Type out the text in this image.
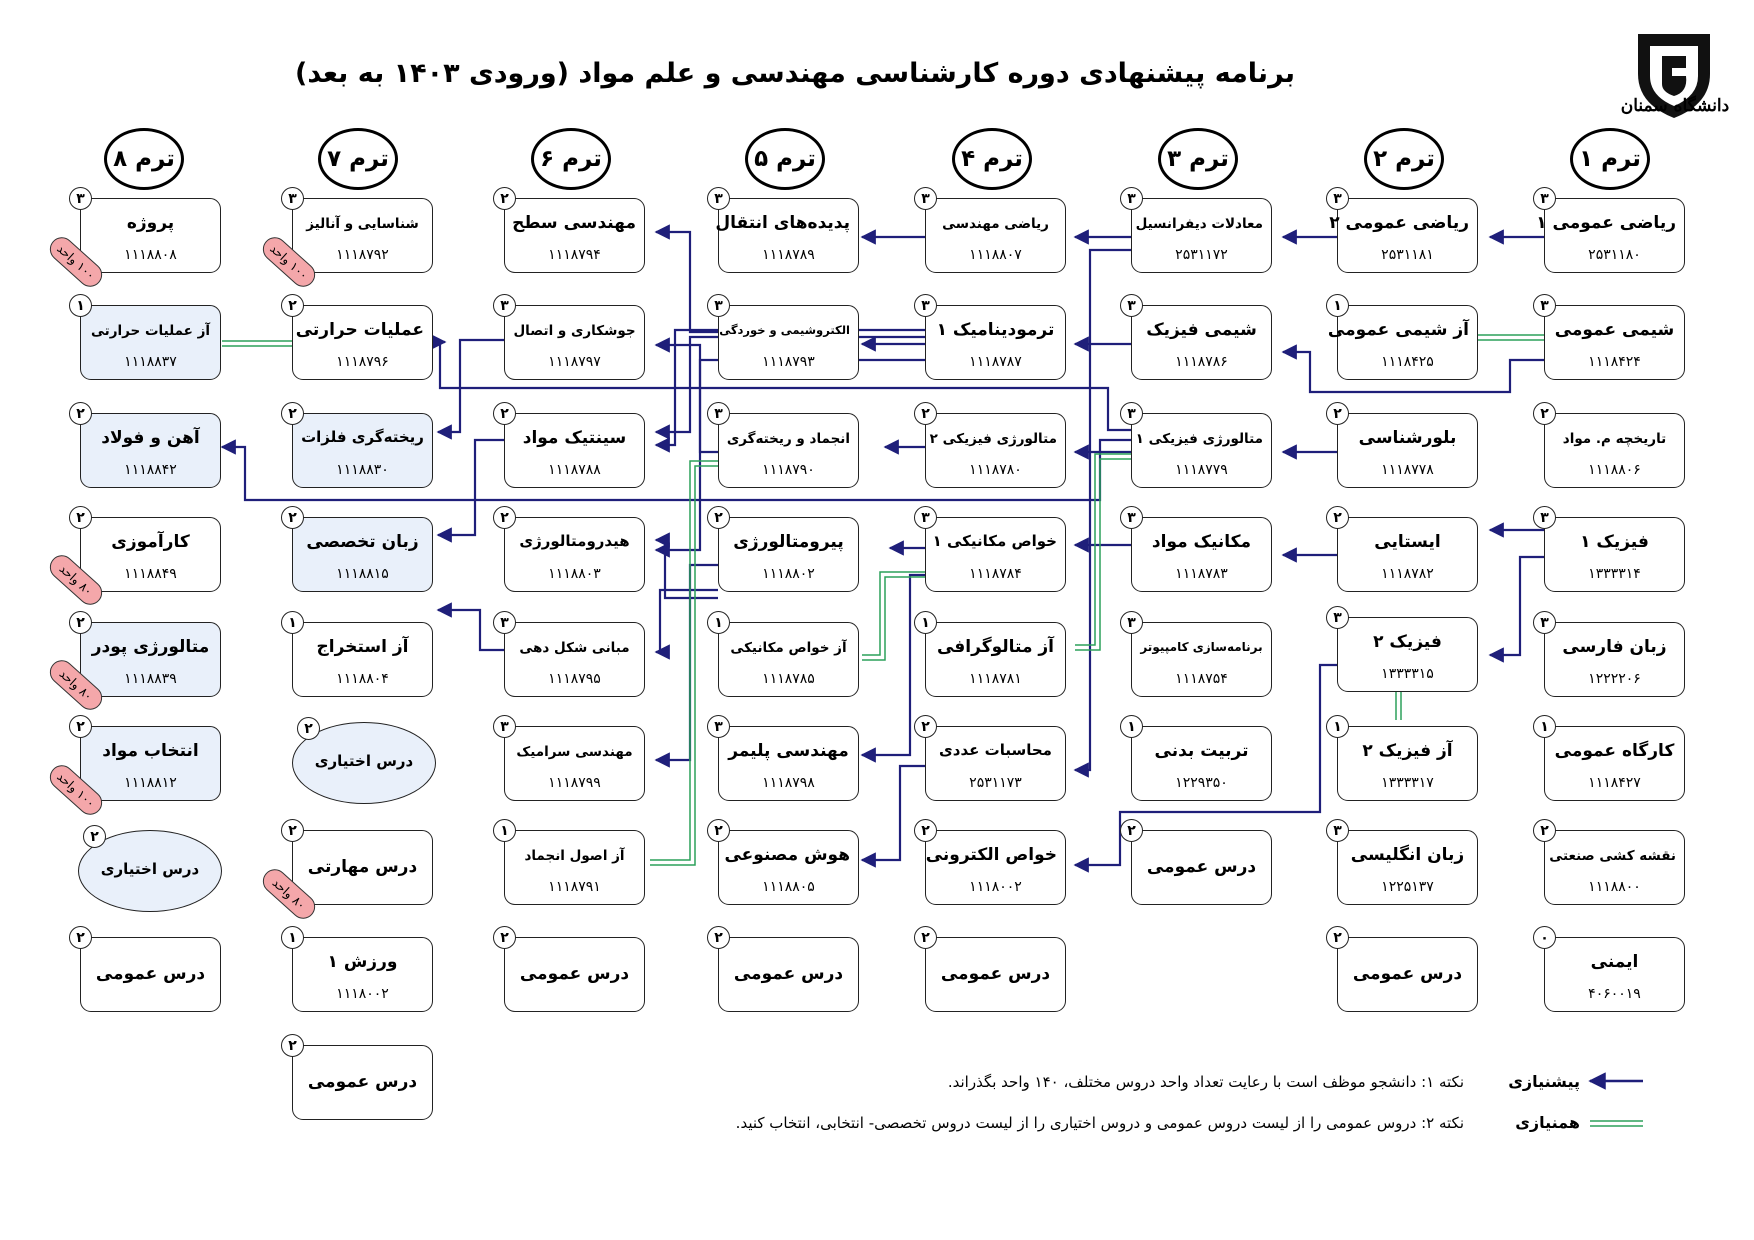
برنامه پیشنهادی دوره کارشناسی مهندسی و علم مواد (ورودی ۱۴۰۳ به بعد)
دانشگاه سمنان
ترم ۱
ترم ۲
ترم ۳
ترم ۴
ترم ۵
ترم ۶
ترم ۷
ترم ۸
۳
ریاضی عمومی ۱
۲۵۳۱۱۸۰
۳
شیمی عمومی
۱۱۱۸۴۲۴
۲
تاریخچه م. مواد
۱۱۱۸۸۰۶
۳
فیزیک ۱
۱۳۳۳۳۱۴
۳
زبان فارسی
۱۲۲۲۲۰۶
۱
کارگاه عمومی
۱۱۱۸۴۲۷
۲
نقشه کشی صنعتی
۱۱۱۸۸۰۰
۰
ایمنی
۴۰۶۰۰۱۹
۳
ریاضی عمومی ۲
۲۵۳۱۱۸۱
۱
آز شیمی عمومی
۱۱۱۸۴۲۵
۲
بلورشناسی
۱۱۱۸۷۷۸
۲
ایستایی
۱۱۱۸۷۸۲
۳
فیزیک ۲
۱۳۳۳۳۱۵
۱
آز فیزیک ۲
۱۳۳۳۳۱۷
۳
زبان انگلیسی
۱۲۲۵۱۳۷
۲
درس عمومی
۳
معادلات دیفرانسیل
۲۵۳۱۱۷۲
۳
شیمی فیزیک
۱۱۱۸۷۸۶
۳
متالورژی فیزیکی ۱
۱۱۱۸۷۷۹
۳
مکانیک مواد
۱۱۱۸۷۸۳
۳
برنامه‌سازی کامپیوتر
۱۱۱۸۷۵۴
۱
تربیت بدنی
۱۲۲۹۳۵۰
۲
درس عمومی
۳
ریاضی مهندسی
۱۱۱۸۸۰۷
۳
ترمودینامیک ۱
۱۱۱۸۷۸۷
۲
متالورژی فیزیکی ۲
۱۱۱۸۷۸۰
۳
خواص مکانیکی ۱
۱۱۱۸۷۸۴
۱
آز متالوگرافی
۱۱۱۸۷۸۱
۲
محاسبات عددی
۲۵۳۱۱۷۳
۲
خواص الکترونی
۱۱۱۸۰۰۲
۲
درس عمومی
۳
پدیده‌های انتقال
۱۱۱۸۷۸۹
۳
الکتروشیمی و خوردگی
۱۱۱۸۷۹۳
۳
انجماد و ریخته‌گری
۱۱۱۸۷۹۰
۲
پیرومتالورژی
۱۱۱۸۸۰۲
۱
آز خواص مکانیکی
۱۱۱۸۷۸۵
۳
مهندسی پلیمر
۱۱۱۸۷۹۸
۲
هوش مصنوعی
۱۱۱۸۸۰۵
۲
درس عمومی
۲
مهندسی سطح
۱۱۱۸۷۹۴
۳
جوشکاری و اتصال
۱۱۱۸۷۹۷
۲
سینتیک مواد
۱۱۱۸۷۸۸
۲
هیدرومتالورژی
۱۱۱۸۸۰۳
۳
مبانی شکل دهی
۱۱۱۸۷۹۵
۳
مهندسی سرامیک
۱۱۱۸۷۹۹
۱
آز اصول انجماد
۱۱۱۸۷۹۱
۲
درس عمومی
۳
شناسایی و آنالیز
۱۱۱۸۷۹۲
۲
عملیات حرارتی
۱۱۱۸۷۹۶
۲
ریخته‌گری فلزات
۱۱۱۸۸۳۰
۲
زبان تخصصی
۱۱۱۸۸۱۵
۱
آز استخراج
۱۱۱۸۸۰۴
۲
درس اختیاری
۲
درس مهارتی
۱
ورزش ۱
۱۱۱۸۰۰۲
۲
درس عمومی
۳
پروژه
۱۱۱۸۸۰۸
۱
آز عملیات حرارتی
۱۱۱۸۸۳۷
۲
آهن و فولاد
۱۱۱۸۸۴۲
۲
کارآموزی
۱۱۱۸۸۴۹
۲
متالورژی پودر
۱۱۱۸۸۳۹
۲
انتخاب مواد
۱۱۱۸۸۱۲
۲
درس اختیاری
۲
درس عمومی
۱۰۰ واحد
۸۰ واحد
۱۰۰ واحد
۸۰ واحد
۸۰ واحد
۱۰۰ واحد
نکته ۱: دانشجو موظف است با رعایت تعداد واحد دروس مختلف، ۱۴۰ واحد بگذراند.
نکته ۲: دروس عمومی را از لیست دروس عمومی و دروس اختیاری را از لیست دروس تخصصی- انتخابی، انتخاب کنید.
پیشنیازی
همنیازی
